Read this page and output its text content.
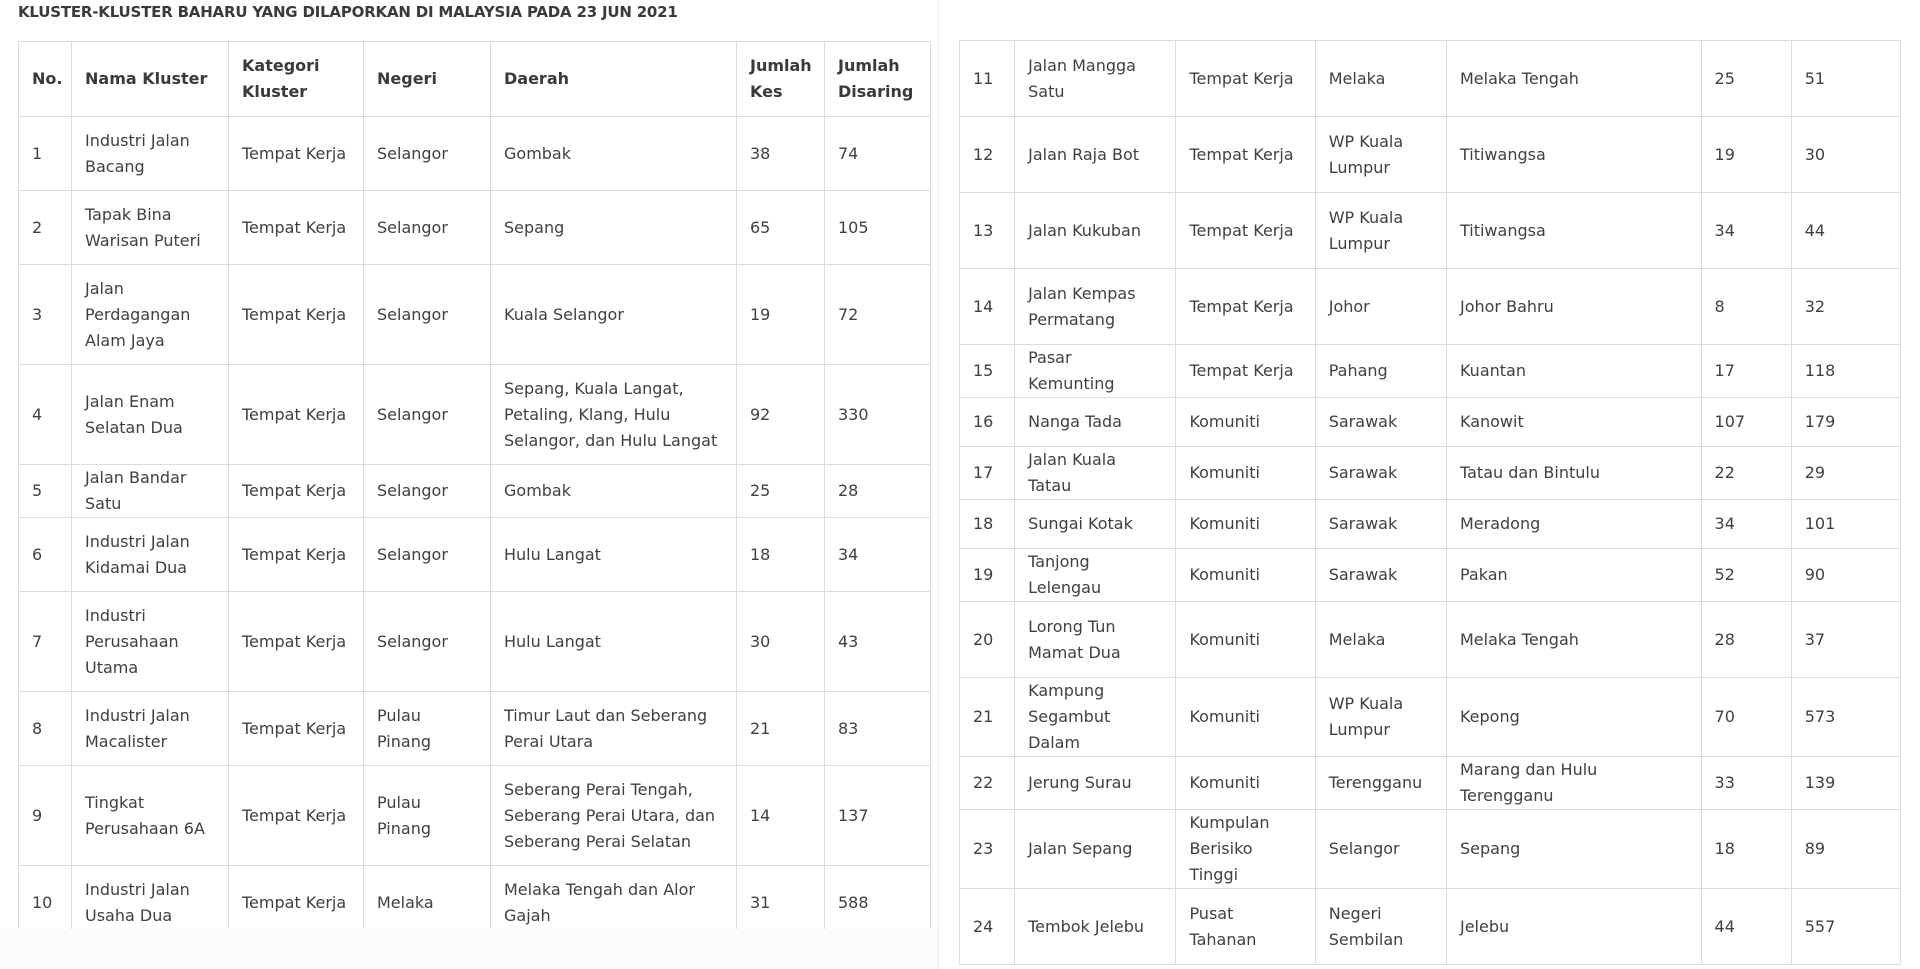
KLUSTER-KLUSTER BAHARU YANG DILAPORKAN DI MALAYSIA PADA 23 JUN 2021
No.	Nama Kluster	Kategori Kluster	Negeri	Daerah	Jumlah Kes	Jumlah Disaring
1	Industri Jalan Bacang	Tempat Kerja	Selangor	Gombak	38	74
2	Tapak Bina Warisan Puteri	Tempat Kerja	Selangor	Sepang	65	105
3	Jalan Perdagangan Alam Jaya	Tempat Kerja	Selangor	Kuala Selangor	19	72
4	Jalan Enam Selatan Dua	Tempat Kerja	Selangor	Sepang, Kuala Langat, Petaling, Klang, Hulu Selangor, dan Hulu Langat	92	330
5	Jalan Bandar Satu	Tempat Kerja	Selangor	Gombak	25	28
6	Industri Jalan Kidamai Dua	Tempat Kerja	Selangor	Hulu Langat	18	34
7	Industri Perusahaan Utama	Tempat Kerja	Selangor	Hulu Langat	30	43
8	Industri Jalan Macalister	Tempat Kerja	Pulau Pinang	Timur Laut dan Seberang Perai Utara	21	83
9	Tingkat Perusahaan 6A	Tempat Kerja	Pulau Pinang	Seberang Perai Tengah, Seberang Perai Utara, dan Seberang Perai Selatan	14	137
10	Industri Jalan Usaha Dua	Tempat Kerja	Melaka	Melaka Tengah dan Alor Gajah	31	588
11	Jalan Mangga Satu	Tempat Kerja	Melaka	Melaka Tengah	25	51
12	Jalan Raja Bot	Tempat Kerja	WP Kuala Lumpur	Titiwangsa	19	30
13	Jalan Kukuban	Tempat Kerja	WP Kuala Lumpur	Titiwangsa	34	44
14	Jalan Kempas Permatang	Tempat Kerja	Johor	Johor Bahru	8	32
15	Pasar Kemunting	Tempat Kerja	Pahang	Kuantan	17	118
16	Nanga Tada	Komuniti	Sarawak	Kanowit	107	179
17	Jalan Kuala Tatau	Komuniti	Sarawak	Tatau dan Bintulu	22	29
18	Sungai Kotak	Komuniti	Sarawak	Meradong	34	101
19	Tanjong Lelengau	Komuniti	Sarawak	Pakan	52	90
20	Lorong Tun Mamat Dua	Komuniti	Melaka	Melaka Tengah	28	37
21	Kampung Segambut Dalam	Komuniti	WP Kuala Lumpur	Kepong	70	573
22	Jerung Surau	Komuniti	Terengganu	Marang dan Hulu Terengganu	33	139
23	Jalan Sepang	Kumpulan Berisiko Tinggi	Selangor	Sepang	18	89
24	Tembok Jelebu	Pusat Tahanan	Negeri Sembilan	Jelebu	44	557
